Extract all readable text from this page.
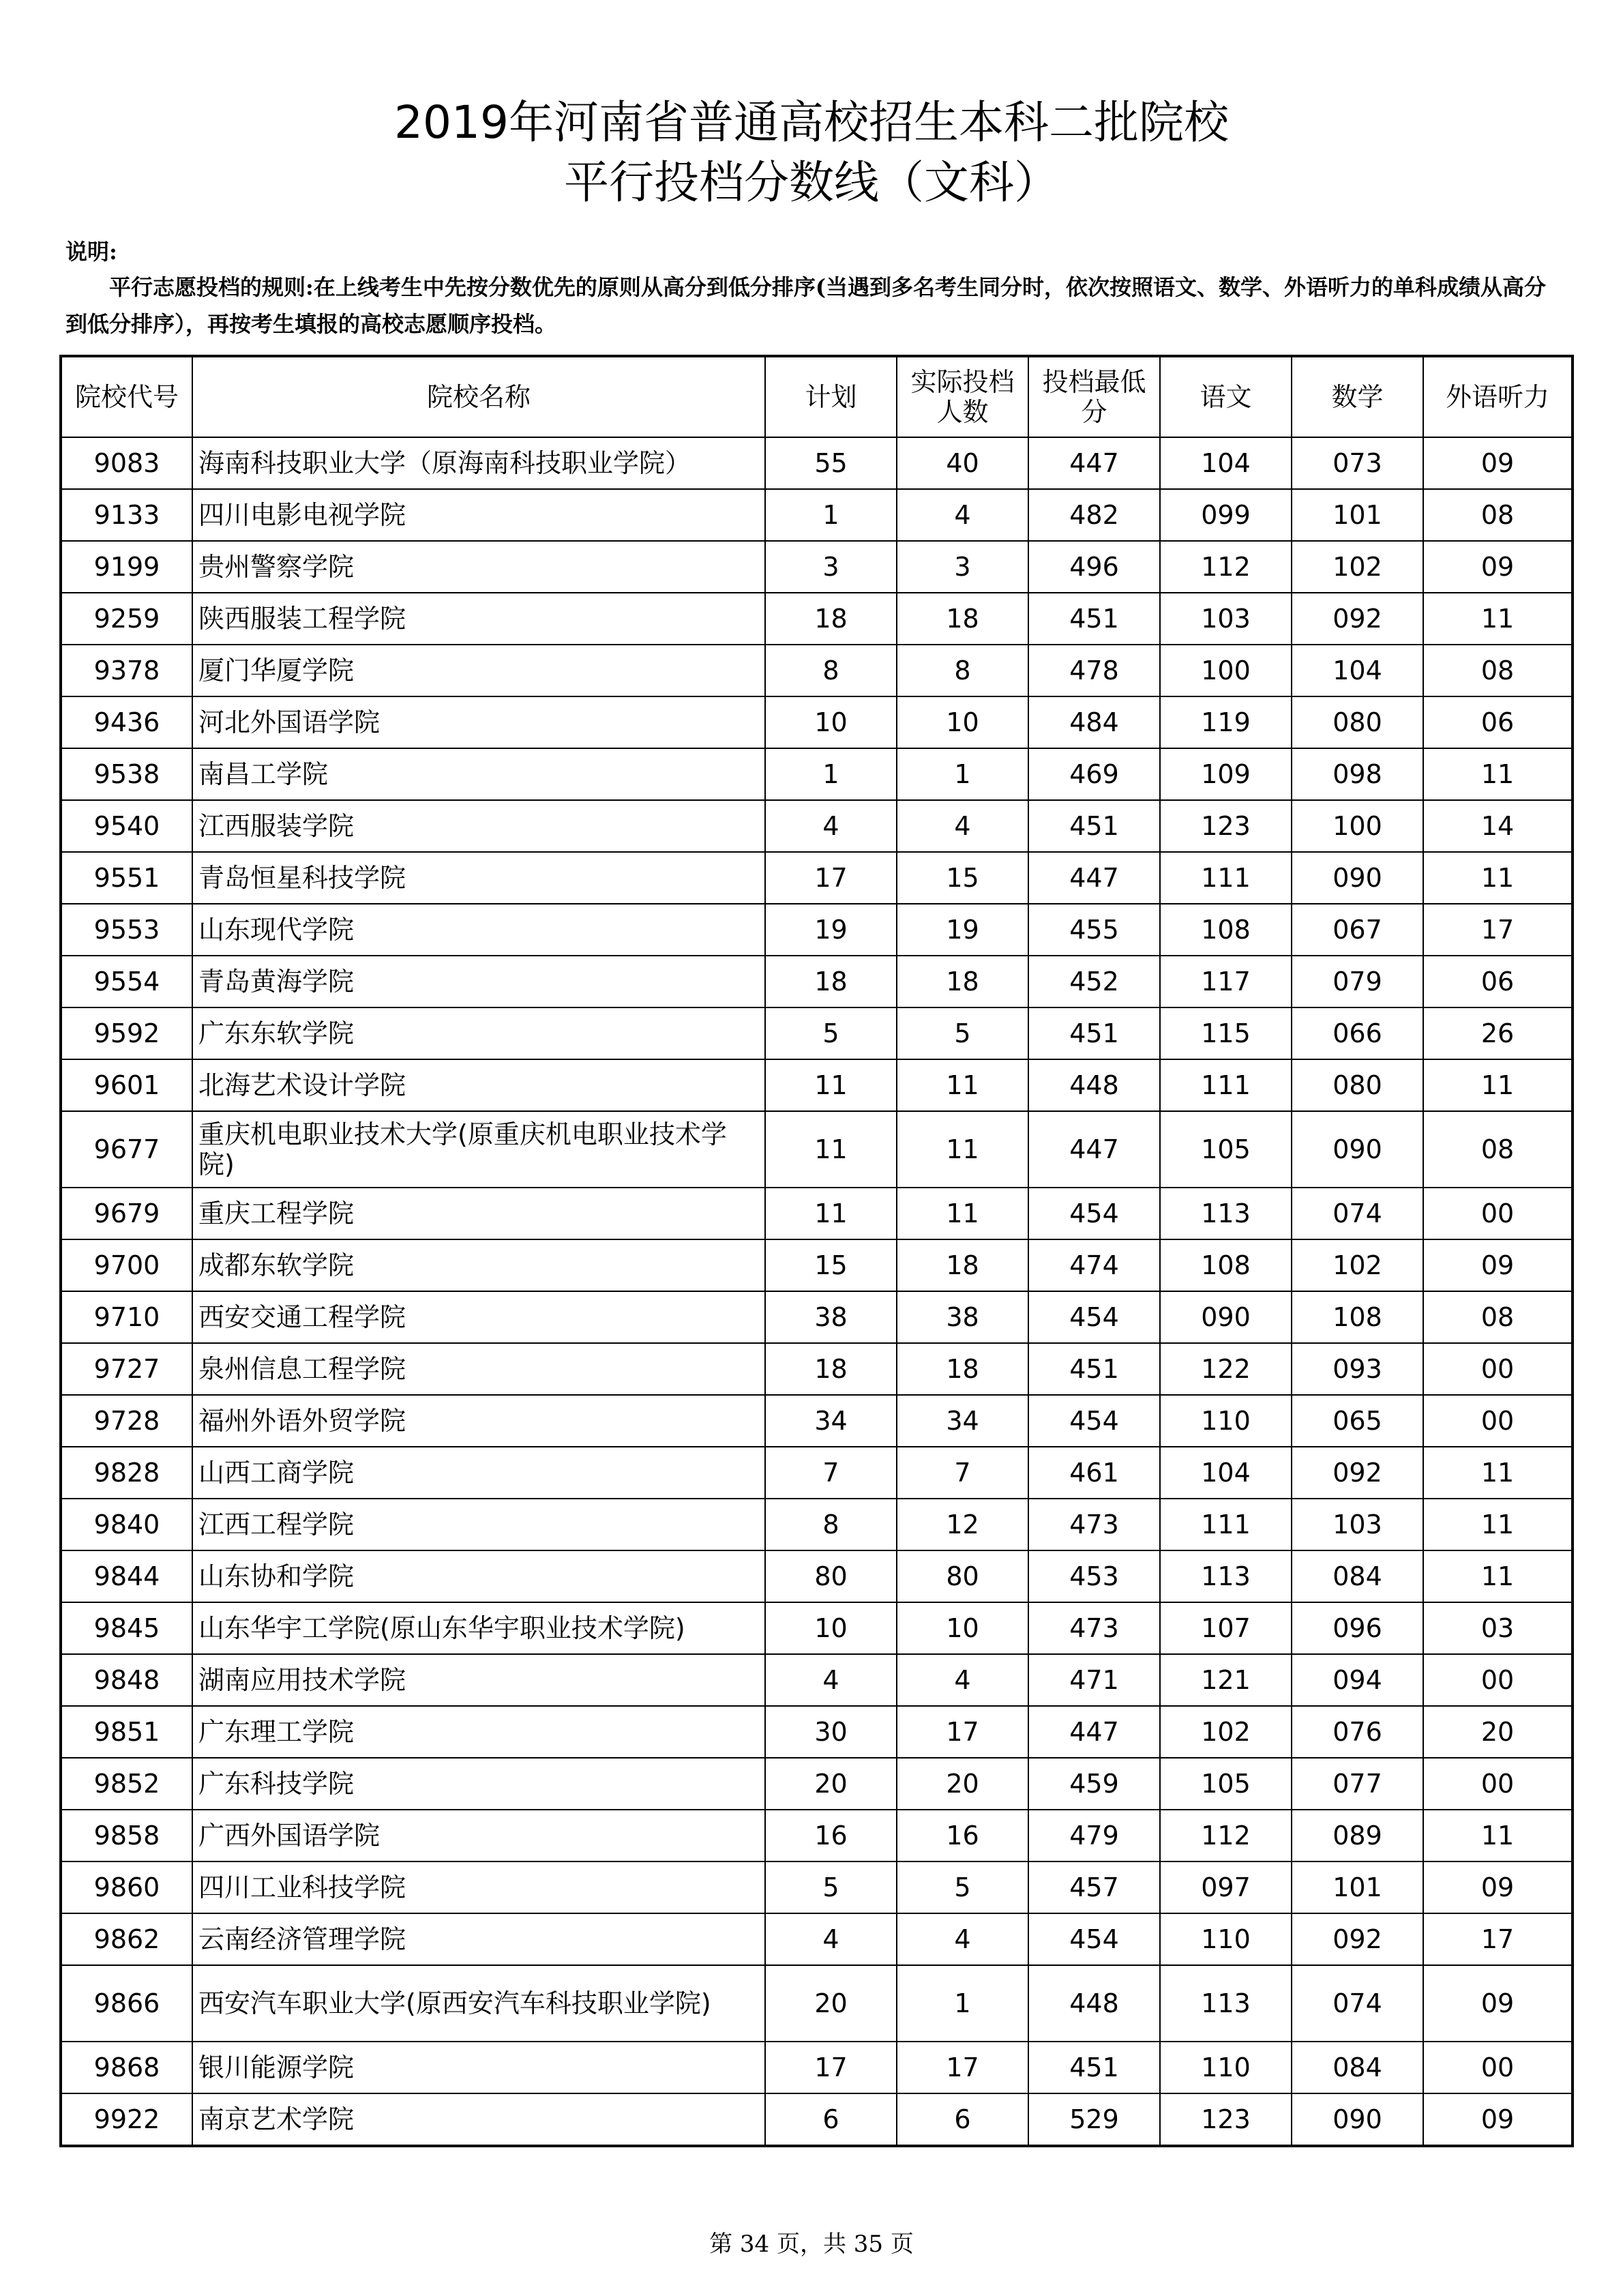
2019年河南省普通高校招生本科二批院校
平行投档分数线（文科）
说明:
平行志愿投档的规则:在上线考生中先按分数优先的原则从高分到低分排序(当遇到多名考生同分时，依次按照语文、数学、外语听力的单科成绩从高分到低分排序），再按考生填报的高校志愿顺序投档。
院校代号	院校名称	计划	实际投档人数	投档最低分	语文	数学	外语听力
9083	海南科技职业大学（原海南科技职业学院）	55	40	447	104	073	09
9133	四川电影电视学院	1	4	482	099	101	08
9199	贵州警察学院	3	3	496	112	102	09
9259	陕西服装工程学院	18	18	451	103	092	11
9378	厦门华厦学院	8	8	478	100	104	08
9436	河北外国语学院	10	10	484	119	080	06
9538	南昌工学院	1	1	469	109	098	11
9540	江西服装学院	4	4	451	123	100	14
9551	青岛恒星科技学院	17	15	447	111	090	11
9553	山东现代学院	19	19	455	108	067	17
9554	青岛黄海学院	18	18	452	117	079	06
9592	广东东软学院	5	5	451	115	066	26
9601	北海艺术设计学院	11	11	448	111	080	11
9677	重庆机电职业技术大学(原重庆机电职业技术学院)	11	11	447	105	090	08
9679	重庆工程学院	11	11	454	113	074	00
9700	成都东软学院	15	18	474	108	102	09
9710	西安交通工程学院	38	38	454	090	108	08
9727	泉州信息工程学院	18	18	451	122	093	00
9728	福州外语外贸学院	34	34	454	110	065	00
9828	山西工商学院	7	7	461	104	092	11
9840	江西工程学院	8	12	473	111	103	11
9844	山东协和学院	80	80	453	113	084	11
9845	山东华宇工学院(原山东华宇职业技术学院)	10	10	473	107	096	03
9848	湖南应用技术学院	4	4	471	121	094	00
9851	广东理工学院	30	17	447	102	076	20
9852	广东科技学院	20	20	459	105	077	00
9858	广西外国语学院	16	16	479	112	089	11
9860	四川工业科技学院	5	5	457	097	101	09
9862	云南经济管理学院	4	4	454	110	092	17
9866	西安汽车职业大学(原西安汽车科技职业学院)	20	1	448	113	074	09
9868	银川能源学院	17	17	451	110	084	00
9922	南京艺术学院	6	6	529	123	090	09
第 34 页，共 35 页
